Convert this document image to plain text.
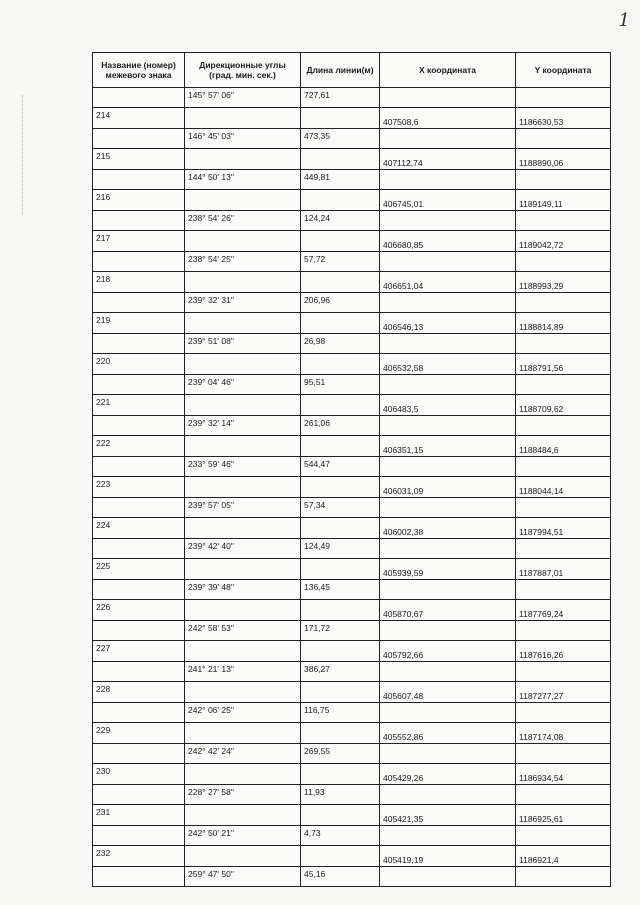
1
Название (номер) межевого знака	Дирекционные углы (град. мин. сек.)	Длина линии(м)	X координата	Y координата
	145° 57' 06"	727,61		
214			407508,6	1186630,53
	146° 45' 03"	473,35		
215			407112,74	1188890,06
	144° 50' 13"	449,81		
216			406745,01	1189149,11
	238° 54' 26"	124,24		
217			406680,85	1189042,72
	238° 54' 25"	57,72		
218			406651,04	1188993,29
	239° 32' 31"	206,96		
219			406546,13	1188814,89
	239° 51' 08"	26,98		
220			406532,58	1188791,56
	239° 04' 46"	95,51		
221			406483,5	1188709,62
	239° 32' 14"	261,06		
222			406351,15	1188484,6
	233° 59' 46"	544,47		
223			406031,09	1188044,14
	239° 57' 05"	57,34		
224			406002,38	1187994,51
	239° 42' 40"	124,49		
225			405939,59	1187887,01
	239° 39' 48"	136,45		
226			405870,67	1187769,24
	242° 58' 53"	171,72		
227			405792,66	1187616,26
	241° 21' 13"	386,27		
228			405607,48	1187277,27
	242° 06' 25"	116,75		
229			405552,86	1187174,08
	242° 42' 24"	269,55		
230			405429,26	1186934,54
	228° 27' 58"	11,93		
231			405421,35	1186925,61
	242° 50' 21"	4,73		
232			405419,19	1186921,4
	259° 47' 50"	45,16		
